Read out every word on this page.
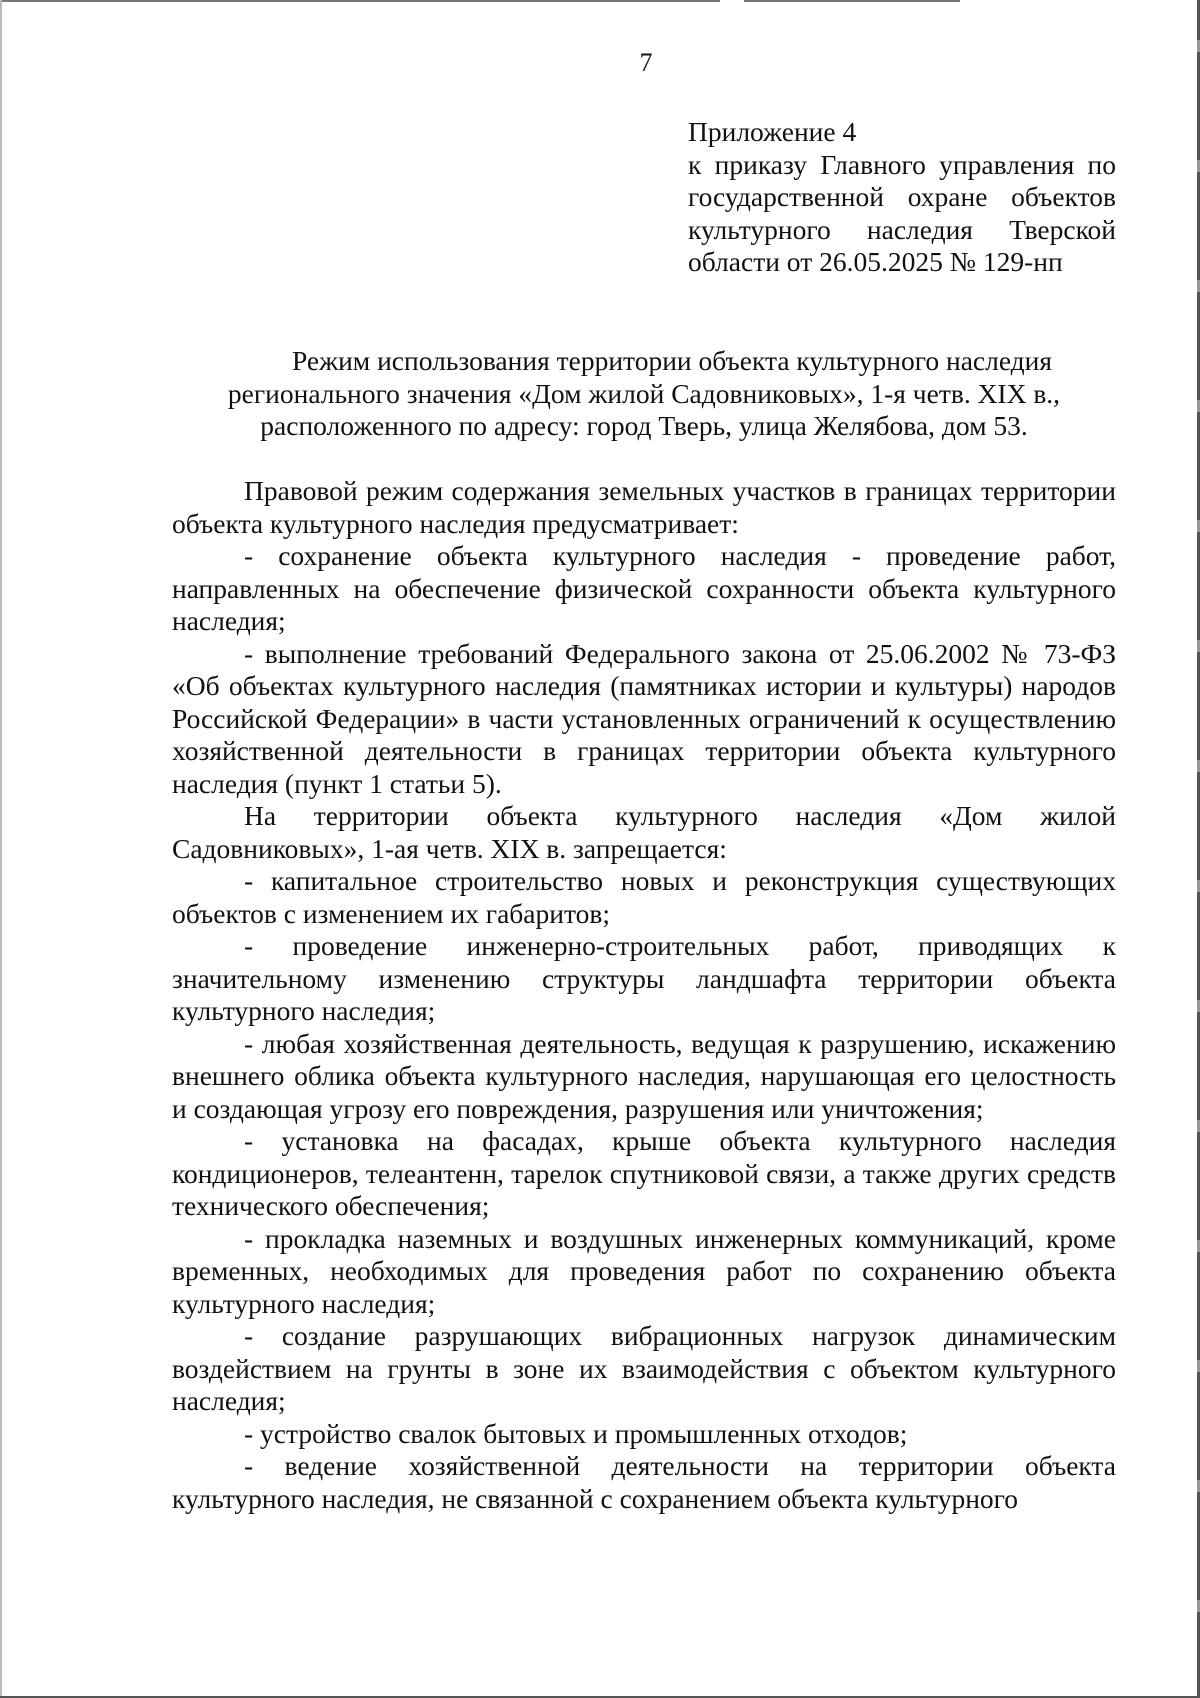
7
Приложение 4
к приказу Главного управления по
государственной охране объектов
культурного наследия Тверской
области от 26.05.2025 № 129-нп
Режим использования территории объекта культурного наследия
регионального значения «Дом жилой Садовниковых», 1-я четв. XIX в.,
расположенного по адресу: город Тверь, улица Желябова, дом 53.

Правовой режим содержания земельных участков в границах территории объекта культурного наследия предусматривает:

- сохранение объекта культурного наследия - проведение работ, направленных на обеспечение физической сохранности объекта культурного наследия;

- выполнение требований Федерального закона от 25.06.2002 № 73-ФЗ «Об объектах культурного наследия (памятниках истории и культуры) народов Российской Федерации» в части установленных ограничений к осуществлению хозяйственной деятельности в границах территории объекта культурного наследия (пункт 1 статьи 5).

На территории объекта культурного наследия «Дом жилой Садовниковых», 1-ая четв. XIX в. запрещается:

- капитальное строительство новых и реконструкция существующих объектов с изменением их габаритов;

- проведение инженерно-строительных работ, приводящих к значительному изменению структуры ландшафта территории объекта культурного наследия;

- любая хозяйственная деятельность, ведущая к разрушению, искажению внешнего облика объекта культурного наследия, нарушающая его целостность и создающая угрозу его повреждения, разрушения или уничтожения;

- установка на фасадах, крыше объекта культурного наследия кондиционеров, телеантенн, тарелок спутниковой связи, а также других средств технического обеспечения;

- прокладка наземных и воздушных инженерных коммуникаций, кроме временных, необходимых для проведения работ по сохранению объекта культурного наследия;

- создание разрушающих вибрационных нагрузок динамическим воздействием на грунты в зоне их взаимодействия с объектом культурного наследия;

- устройство свалок бытовых и промышленных отходов;

- ведение хозяйственной деятельности на территории объекта культурного наследия, не связанной с сохранением объекта культурного
